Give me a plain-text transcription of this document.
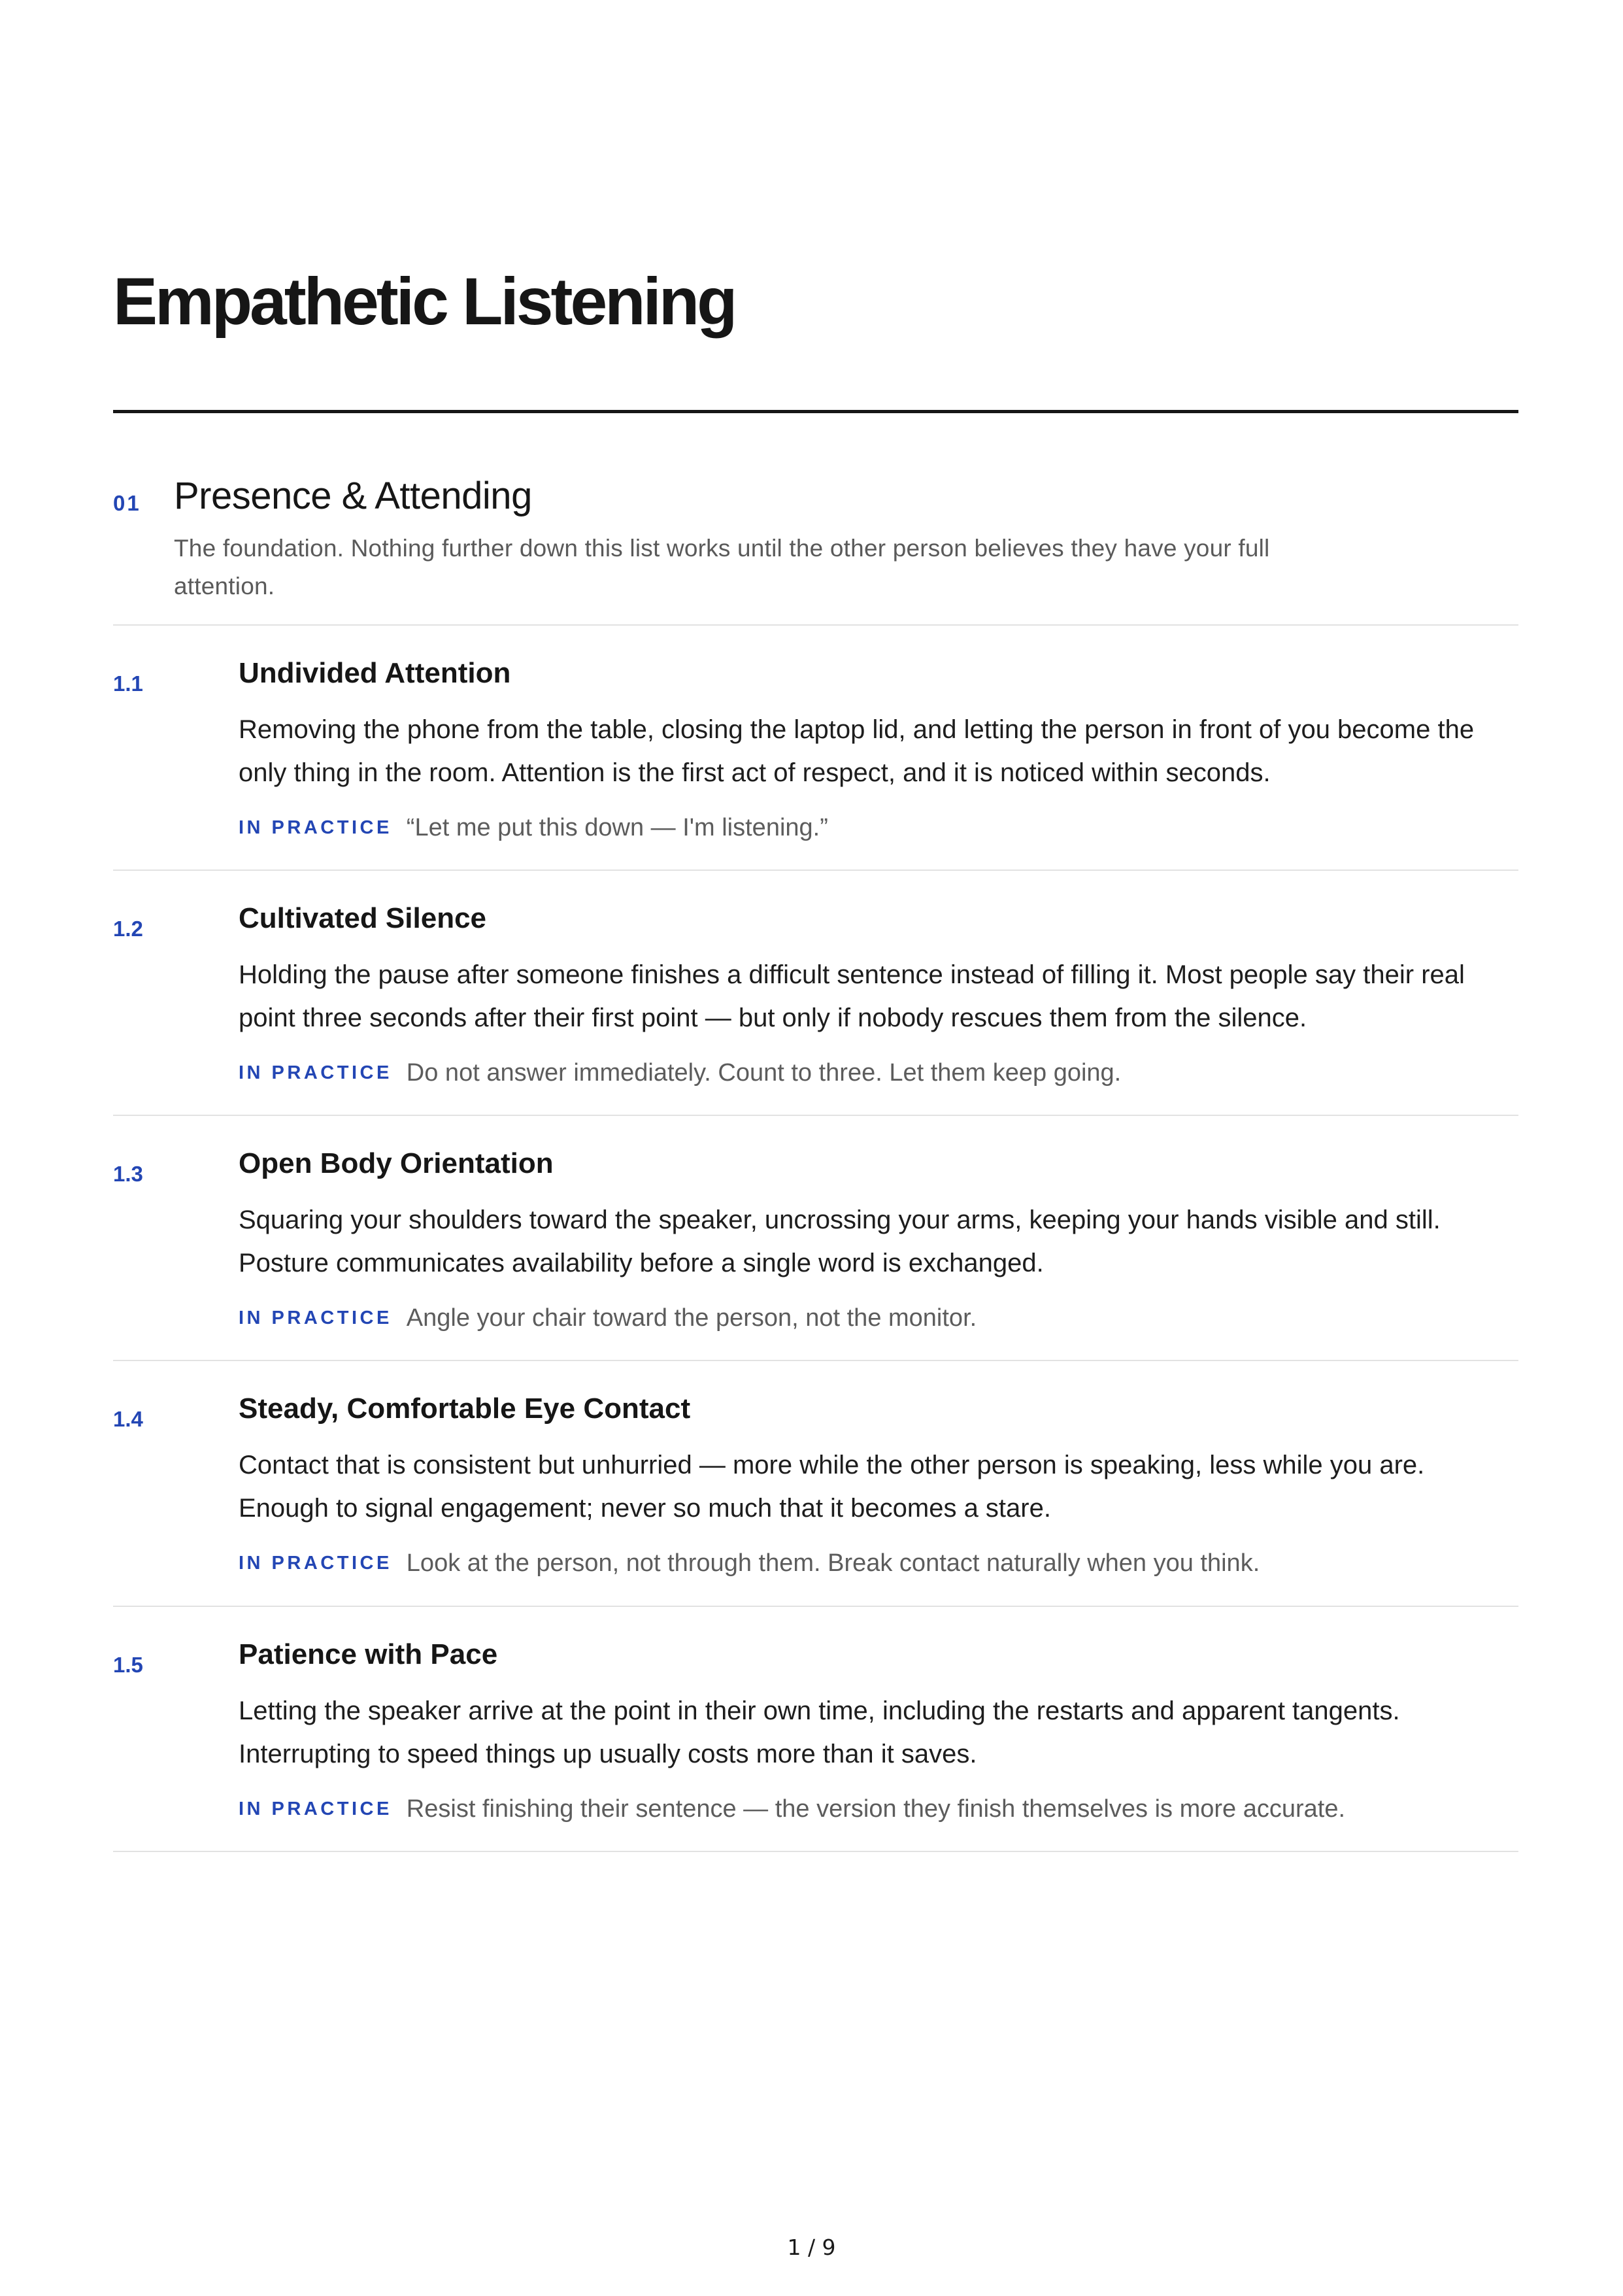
Empathetic Listening
01 Presence & Attending

The foundation. Nothing further down this list works until the other person believes they have your full attention.

1.1	Undivided Attention

Removing the phone from the table, closing the laptop lid, and letting the person in front of you become the only thing in the room. Attention is the first act of respect, and it is noticed within seconds.

IN PRACTICE “Let me put this down — I'm listening.”
1.2	Cultivated Silence

Holding the pause after someone finishes a difficult sentence instead of filling it. Most people say their real point three seconds after their first point — but only if nobody rescues them from the silence.

IN PRACTICE Do not answer immediately. Count to three. Let them keep going.
1.3	Open Body Orientation

Squaring your shoulders toward the speaker, uncrossing your arms, keeping your hands visible and still. Posture communicates availability before a single word is exchanged.

IN PRACTICE Angle your chair toward the person, not the monitor.
1.4	Steady, Comfortable Eye Contact

Contact that is consistent but unhurried — more while the other person is speaking, less while you are. Enough to signal engagement; never so much that it becomes a stare.

IN PRACTICE Look at the person, not through them. Break contact naturally when you think.
1.5	Patience with Pace

Letting the speaker arrive at the point in their own time, including the restarts and apparent tangents. Interrupting to speed things up usually costs more than it saves.

IN PRACTICE Resist finishing their sentence — the version they finish themselves is more accurate.
1 / 9
